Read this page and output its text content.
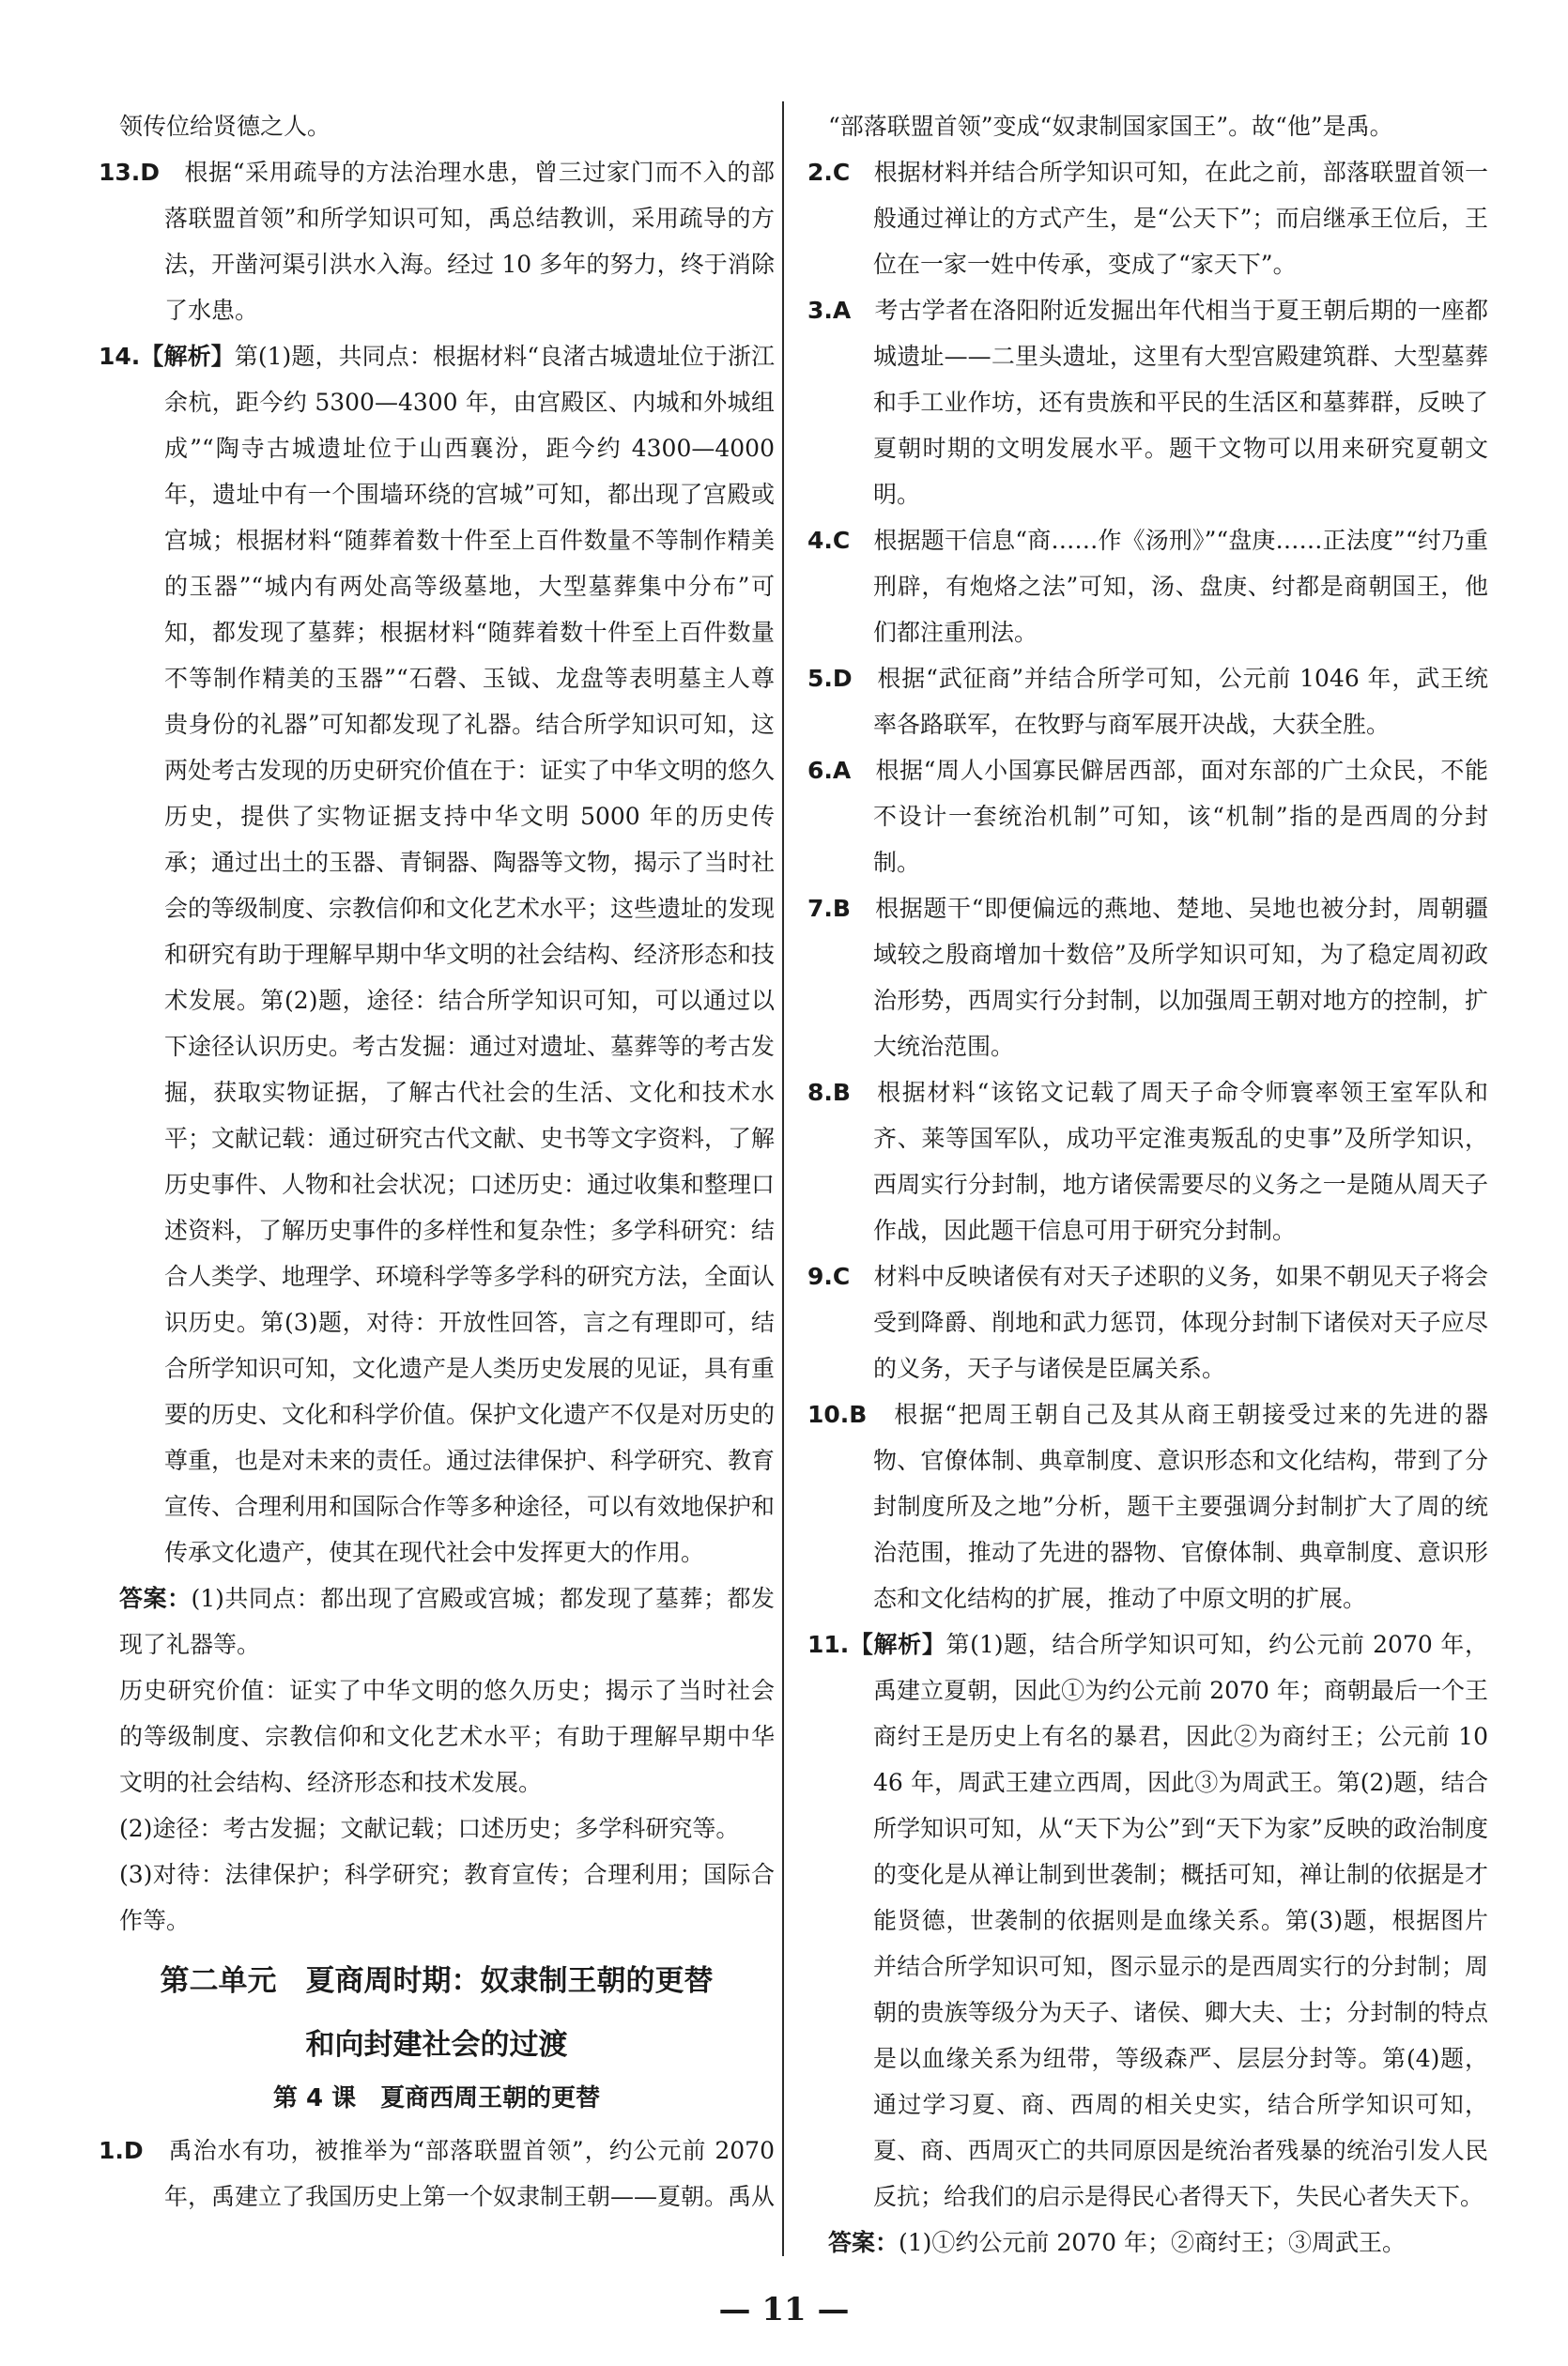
领传位给贤德之人。

13.D　根据“采用疏导的方法治理水患，曾三过家门而不入的部落联盟首领”和所学知识可知，禹总结教训，采用疏导的方法，开凿河渠引洪水入海。经过 10 多年的努力，终于消除了水患。

14.【解析】第(1)题，共同点：根据材料“良渚古城遗址位于浙江余杭，距今约 5300—4300 年，由宫殿区、内城和外城组成”“陶寺古城遗址位于山西襄汾，距今约 4300—4000 年，遗址中有一个围墙环绕的宫城”可知，都出现了宫殿或宫城；根据材料“随葬着数十件至上百件数量不等制作精美的玉器”“城内有两处高等级墓地，大型墓葬集中分布”可知，都发现了墓葬；根据材料“随葬着数十件至上百件数量不等制作精美的玉器”“石磬、玉钺、龙盘等表明墓主人尊贵身份的礼器”可知都发现了礼器。结合所学知识可知，这两处考古发现的历史研究价值在于：证实了中华文明的悠久历史，提供了实物证据支持中华文明 5000 年的历史传承；通过出土的玉器、青铜器、陶器等文物，揭示了当时社会的等级制度、宗教信仰和文化艺术水平；这些遗址的发现和研究有助于理解早期中华文明的社会结构、经济形态和技术发展。第(2)题，途径：结合所学知识可知，可以通过以下途径认识历史。考古发掘：通过对遗址、墓葬等的考古发掘，获取实物证据，了解古代社会的生活、文化和技术水平；文献记载：通过研究古代文献、史书等文字资料，了解历史事件、人物和社会状况；口述历史：通过收集和整理口述资料，了解历史事件的多样性和复杂性；多学科研究：结合人类学、地理学、环境科学等多学科的研究方法，全面认识历史。第(3)题，对待：开放性回答，言之有理即可，结合所学知识可知，文化遗产是人类历史发展的见证，具有重要的历史、文化和科学价值。保护文化遗产不仅是对历史的尊重，也是对未来的责任。通过法律保护、科学研究、教育宣传、合理利用和国际合作等多种途径，可以有效地保护和传承文化遗产，使其在现代社会中发挥更大的作用。

答案：(1)共同点：都出现了宫殿或宫城；都发现了墓葬；都发现了礼器等。

历史研究价值：证实了中华文明的悠久历史；揭示了当时社会的等级制度、宗教信仰和文化艺术水平；有助于理解早期中华文明的社会结构、经济形态和技术发展。

(2)途径：考古发掘；文献记载；口述历史；多学科研究等。

(3)对待：法律保护；科学研究；教育宣传；合理利用；国际合作等。

第二单元　夏商周时期：奴隶制王朝的更替
和向封建社会的过渡
第 4 课　夏商西周王朝的更替

1.D　禹治水有功，被推举为“部落联盟首领”，约公元前 2070 年，禹建立了我国历史上第一个奴隶制王朝——夏朝。禹从

“部落联盟首领”变成“奴隶制国家国王”。故“他”是禹。

2.C　根据材料并结合所学知识可知，在此之前，部落联盟首领一般通过禅让的方式产生，是“公天下”；而启继承王位后，王位在一家一姓中传承，变成了“家天下”。

3.A　考古学者在洛阳附近发掘出年代相当于夏王朝后期的一座都城遗址——二里头遗址，这里有大型宫殿建筑群、大型墓葬和手工业作坊，还有贵族和平民的生活区和墓葬群，反映了夏朝时期的文明发展水平。题干文物可以用来研究夏朝文明。

4.C　根据题干信息“商……作《汤刑》”“盘庚……正法度”“纣乃重刑辟，有炮烙之法”可知，汤、盘庚、纣都是商朝国王，他们都注重刑法。

5.D　根据“武征商”并结合所学可知，公元前 1046 年，武王统率各路联军，在牧野与商军展开决战，大获全胜。

6.A　根据“周人小国寡民僻居西部，面对东部的广土众民，不能不设计一套统治机制”可知，该“机制”指的是西周的分封制。

7.B　根据题干“即便偏远的燕地、楚地、吴地也被分封，周朝疆域较之殷商增加十数倍”及所学知识可知，为了稳定周初政治形势，西周实行分封制，以加强周王朝对地方的控制，扩大统治范围。

8.B　根据材料“该铭文记载了周天子命令师寰率领王室军队和齐、莱等国军队，成功平定淮夷叛乱的史事”及所学知识，西周实行分封制，地方诸侯需要尽的义务之一是随从周天子作战，因此题干信息可用于研究分封制。

9.C　材料中反映诸侯有对天子述职的义务，如果不朝见天子将会受到降爵、削地和武力惩罚，体现分封制下诸侯对天子应尽的义务，天子与诸侯是臣属关系。

10.B　根据“把周王朝自己及其从商王朝接受过来的先进的器物、官僚体制、典章制度、意识形态和文化结构，带到了分封制度所及之地”分析，题干主要强调分封制扩大了周的统治范围，推动了先进的器物、官僚体制、典章制度、意识形态和文化结构的扩展，推动了中原文明的扩展。

11.【解析】第(1)题，结合所学知识可知，约公元前 2070 年，禹建立夏朝，因此①为约公元前 2070 年；商朝最后一个王商纣王是历史上有名的暴君，因此②为商纣王；公元前 1046 年，周武王建立西周，因此③为周武王。第(2)题，结合所学知识可知，从“天下为公”到“天下为家”反映的政治制度的变化是从禅让制到世袭制；概括可知，禅让制的依据是才能贤德，世袭制的依据则是血缘关系。第(3)题，根据图片并结合所学知识可知，图示显示的是西周实行的分封制；周朝的贵族等级分为天子、诸侯、卿大夫、士；分封制的特点是以血缘关系为纽带，等级森严、层层分封等。第(4)题，通过学习夏、商、西周的相关史实，结合所学知识可知，夏、商、西周灭亡的共同原因是统治者残暴的统治引发人民反抗；给我们的启示是得民心者得天下，失民心者失天下。

答案：(1)①约公元前 2070 年；②商纣王；③周武王。

— 11 —
